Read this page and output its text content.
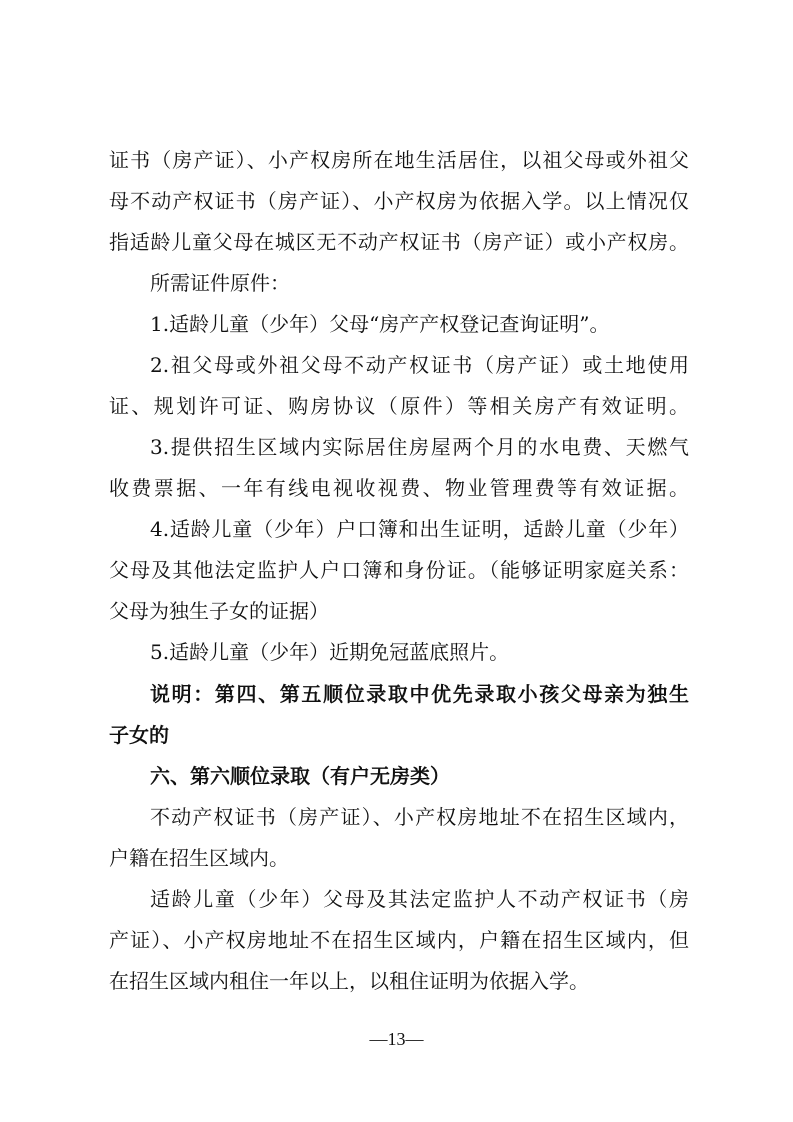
证书（房产证）、小产权房所在地生活居住，以祖父母或外祖父

母不动产权证书（房产证）、小产权房为依据入学。以上情况仅

指适龄儿童父母在城区无不动产权证书（房产证）或小产权房。

所需证件原件：

1.适龄儿童（少年）父母“房产产权登记查询证明”。

2.祖父母或外祖父母不动产权证书（房产证）或土地使用

证、规划许可证、购房协议（原件）等相关房产有效证明。

3.提供招生区域内实际居住房屋两个月的水电费、天燃气

收费票据、一年有线电视收视费、物业管理费等有效证据。

4.适龄儿童（少年）户口簿和出生证明，适龄儿童（少年）

父母及其他法定监护人户口簿和身份证。（能够证明家庭关系：

父母为独生子女的证据）

5.适龄儿童（少年）近期免冠蓝底照片。

说明：第四、第五顺位录取中优先录取小孩父母亲为独生

子女的

六、第六顺位录取（有户无房类）

不动产权证书（房产证）、小产权房地址不在招生区域内，

户籍在招生区域内。

适龄儿童（少年）父母及其法定监护人不动产权证书（房

产证）、小产权房地址不在招生区域内，户籍在招生区域内，但

在招生区域内租住一年以上，以租住证明为依据入学。

—13—
